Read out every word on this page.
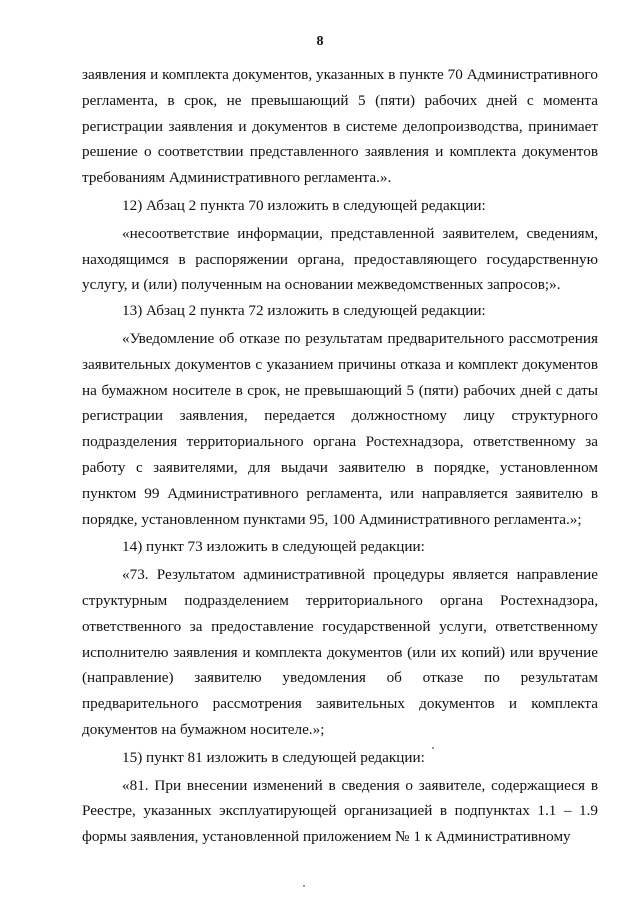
8

заявления и комплекта документов, указанных в пункте 70 Административного регламента, в срок, не превышающий 5 (пяти) рабочих дней с момента регистрации заявления и документов в системе делопроизводства, принимает решение о соответствии представленного заявления и комплекта документов требованиям Административного регламента.».

12) Абзац 2 пункта 70 изложить в следующей редакции:

«несоответствие информации, представленной заявителем, сведениям, находящимся в распоряжении органа, предоставляющего государственную услугу, и (или) полученным на основании межведомственных запросов;».

13) Абзац 2 пункта 72 изложить в следующей редакции:

«Уведомление об отказе по результатам предварительного рассмотрения заявительных документов с указанием причины отказа и комплект документов на бумажном носителе в срок, не превышающий 5 (пяти) рабочих дней с даты регистрации заявления, передается должностному лицу структурного подразделения территориального органа Ростехнадзора, ответственному за работу с заявителями, для выдачи заявителю в порядке, установленном пунктом 99 Административного регламента, или направляется заявителю в порядке, установленном пунктами 95, 100 Административного регламента.»;

14) пункт 73 изложить в следующей редакции:

«73. Результатом административной процедуры является направление структурным подразделением территориального органа Ростехнадзора, ответственного за предоставление государственной услуги, ответственному исполнителю заявления и комплекта документов (или их копий) или вручение (направление) заявителю уведомления об отказе по результатам предварительного рассмотрения заявительных документов и комплекта документов на бумажном носителе.»;

15) пункт 81 изложить в следующей редакции:

«81. При внесении изменений в сведения о заявителе, содержащиеся в Реестре, указанных эксплуатирующей организацией в подпунктах 1.1 – 1.9 формы заявления, установленной приложением № 1 к Административному
